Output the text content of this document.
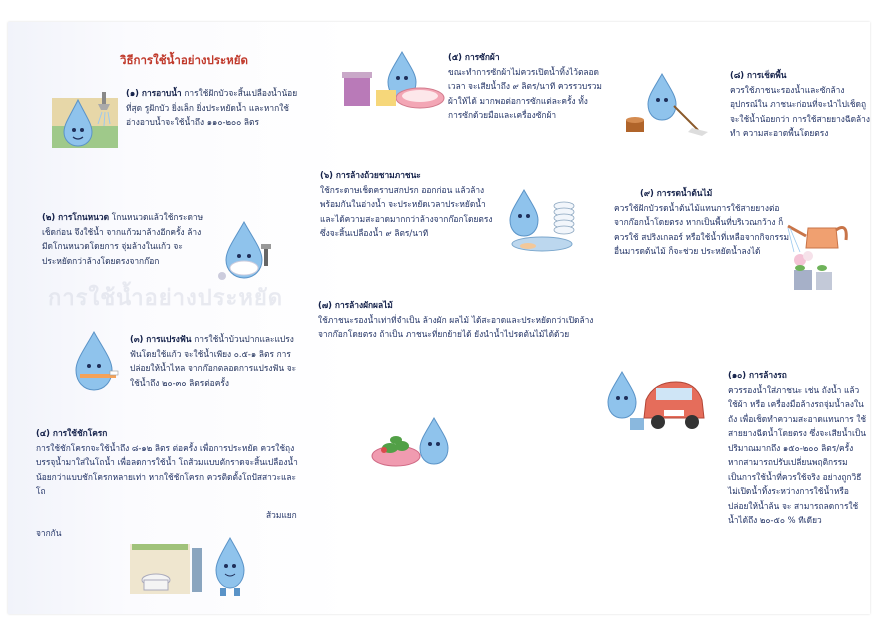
การใช้น้ำอย่างประหยัด
วิธีการใช้น้ำอย่างประหยัด
(๑) การอาบน้ำ การใช้ฝักบัวจะสิ้นเปลืองน้ำน้อยที่สุด รูฝักบัว ยิ่งเล็ก ยิ่งประหยัดน้ำ และหากใช้อ่างอาบน้ำจะใช้น้ำถึง ๑๑๐-๒๐๐ ลิตร
(๒) การโกนหนวด โกนหนวดแล้วใช้กระดาษเช็ดก่อน จึงใช้น้ำ จากแก้วมาล้างอีกครั้ง ล้างมีดโกนหนวดโดยการ จุ่มล้างในแก้ว จะประหยัดกว่าล้างโดยตรงจากก๊อก
(๓) การแปรงฟัน การใช้น้ำบ้วนปากและแปรงฟันโดยใช้แก้ว จะใช้น้ำเพียง ๐.๕-๑ ลิตร การปล่อยให้น้ำไหล จากก๊อกตลอดการแปรงฟัน จะใช้น้ำถึง ๒๐-๓๐ ลิตรต่อครั้ง

(๔) การใช้ชักโครก

การใช้ชักโครกจะใช้น้ำถึง ๘-๑๒ ลิตร ต่อครั้ง เพื่อการประหยัด ควรใช้ถุงบรรจุน้ำมาใส่ในโถน้ำ เพื่อลดการใช้น้ำ โถส้วมแบบตักราดจะสิ้นเปลืองน้ำน้อยกว่าแบบชักโครกหลายเท่า หากใช้ชักโครก ควรติดตั้งโถปัสสาวะและโถ

จากกัน
ส้วมแยก

(๕) การซักผ้า

ขณะทำการซักผ้าไม่ควรเปิดน้ำทิ้งไว้ตลอดเวลา จะเสียน้ำถึง ๙ ลิตร/นาที ควรรวบรวมผ้าให้ได้ มากพอต่อการซักแต่ละครั้ง ทั้งการซักด้วยมือและเครื่องซักผ้า

(๖) การล้างถ้วยชามภาชนะ

ใช้กระดาษเช็ดคราบสกปรก ออกก่อน แล้วล้างพร้อมกันในอ่างน้ำ จะประหยัดเวลาประหยัดน้ำ และได้ความสะอาดมากกว่าล้างจากก๊อกโดยตรง ซึ่งจะสิ้นเปลืองน้ำ ๙ ลิตร/นาที

(๗) การล้างผักผลไม้

ใช้ภาชนะรองน้ำเท่าที่จำเป็น ล้างผัก ผลไม้ ได้สะอาดและประหยัดกว่าเปิดล้างจากก๊อกโดยตรง ถ้าเป็น ภาชนะที่ยกย้ายได้ ยังนำน้ำไปรดต้นไม้ได้ด้วย

(๘) การเช็ดพื้น

ควรใช้ภาชนะรองน้ำและซักล้างอุปกรณ์ใน ภาชนะก่อนที่จะนำไปเช็ดถู จะใช้น้ำน้อยกว่า การใช้สายยางฉีดล้างทำ ความสะอาดพื้นโดยตรง

(๙) การรดน้ำต้นไม้

ควรใช้ฝักบัวรดน้ำต้นไม้แทนการใช้สายยางต่อจากก๊อกน้ำโดยตรง หากเป็นพื้นที่บริเวณกว้าง ก็ควรใช้ สปริงเกลอร์ หรือใช้น้ำที่เหลือจากกิจกรรมอื่นมารดต้นไม้ ก็จะช่วย ประหยัดน้ำลงได้

(๑๐) การล้างรถ

ควรรองน้ำใส่ภาชนะ เช่น ถังน้ำ แล้วใช้ผ้า หรือ เครื่องมือล้างรถจุ่มน้ำลงในถัง เพื่อเช็ดทำความสะอาดแทนการ ใช้สายยางฉีดน้ำโดยตรง ซึ่งจะเสียน้ำเป็นปริมาณมากถึง ๑๕๐-๒๐๐ ลิตร/ครั้ง หากสามารถปรับเปลี่ยนพฤติกรรมเป็นการใช้น้ำที่ควรใช้จริง อย่างถูกวิธี ไม่เปิดน้ำทิ้งระหว่างการใช้น้ำหรือปล่อยให้น้ำล้น จะ สามารถลดการใช้น้ำได้ถึง ๒๐-๕๐ % ทีเดียว
